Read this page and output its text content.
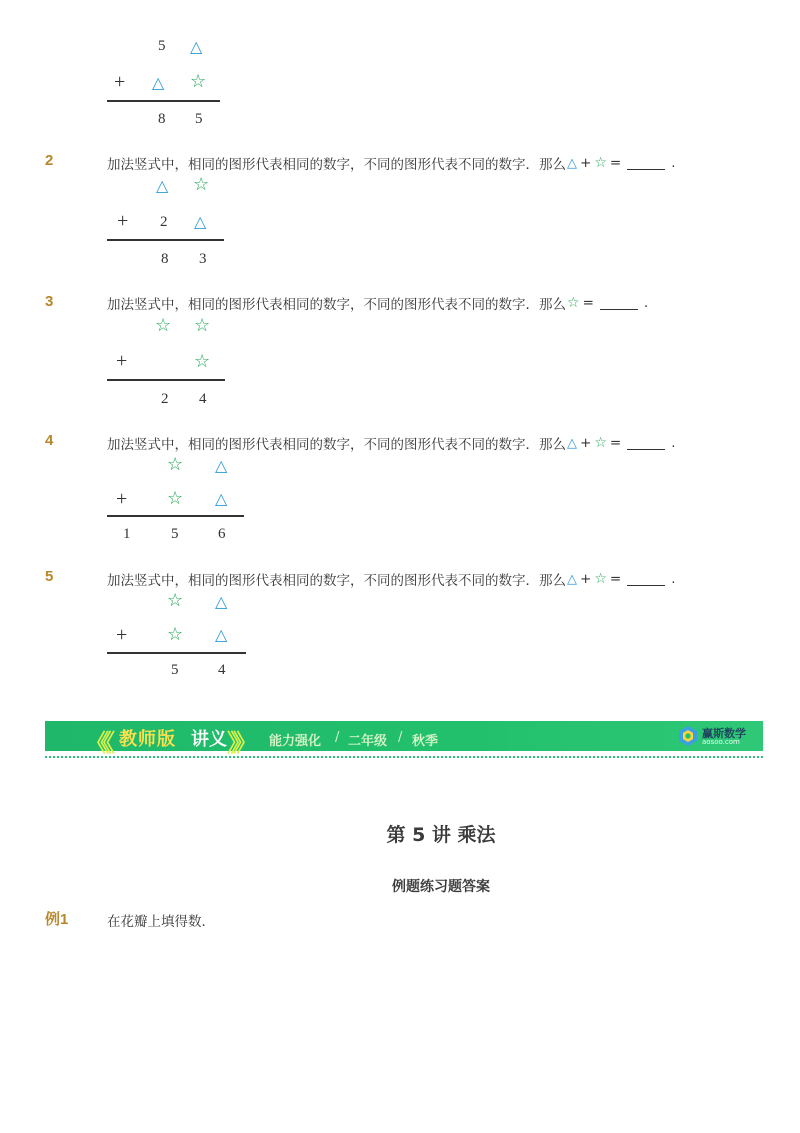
5 △
+ △ ☆
8 5
2	加法竖式中，相同的图形代表相同的数字，不同的图形代表不同的数字．那么 △ + ☆ =	.
△ ☆
+ 2 △
8 3
3	加法竖式中，相同的图形代表相同的数字，不同的图形代表不同的数字．那么 ☆ =	.
☆ ☆
+	☆
2 4
4	加法竖式中，相同的图形代表相同的数字，不同的图形代表不同的数字．那么 △ + ☆ =	.
☆ △
+ ☆ △
1	5	6
5	加法竖式中，相同的图形代表相同的数字，不同的图形代表不同的数字．那么 △ + ☆ =	.
☆ △
+ ☆ △
5	4
《《 教师版 讲义 》》 能力强化 / 二年级 / 秋季
赢斯数学
aosoo.com
第 5 讲 乘法
例题练习题答案
例1	在花瓣上填得数．
